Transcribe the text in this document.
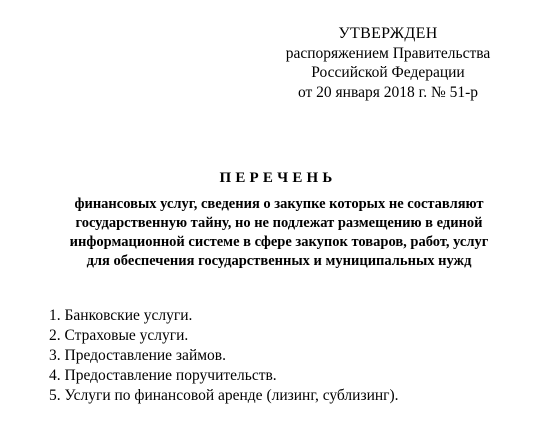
УТВЕРЖДЕН
распоряжением Правительства
Российской Федерации
от 20 января 2018 г. № 51-р
ПЕРЕЧЕНЬ
финансовых услуг, сведения о закупке которых не составляют
государственную тайну, но не подлежат размещению в единой
информационной системе в сфере закупок товаров, работ, услуг
для обеспечения государственных и муниципальных нужд
1. Банковские услуги.
2. Страховые услуги.
3. Предоставление займов.
4. Предоставление поручительств.
5. Услуги по финансовой аренде (лизинг, сублизинг).
